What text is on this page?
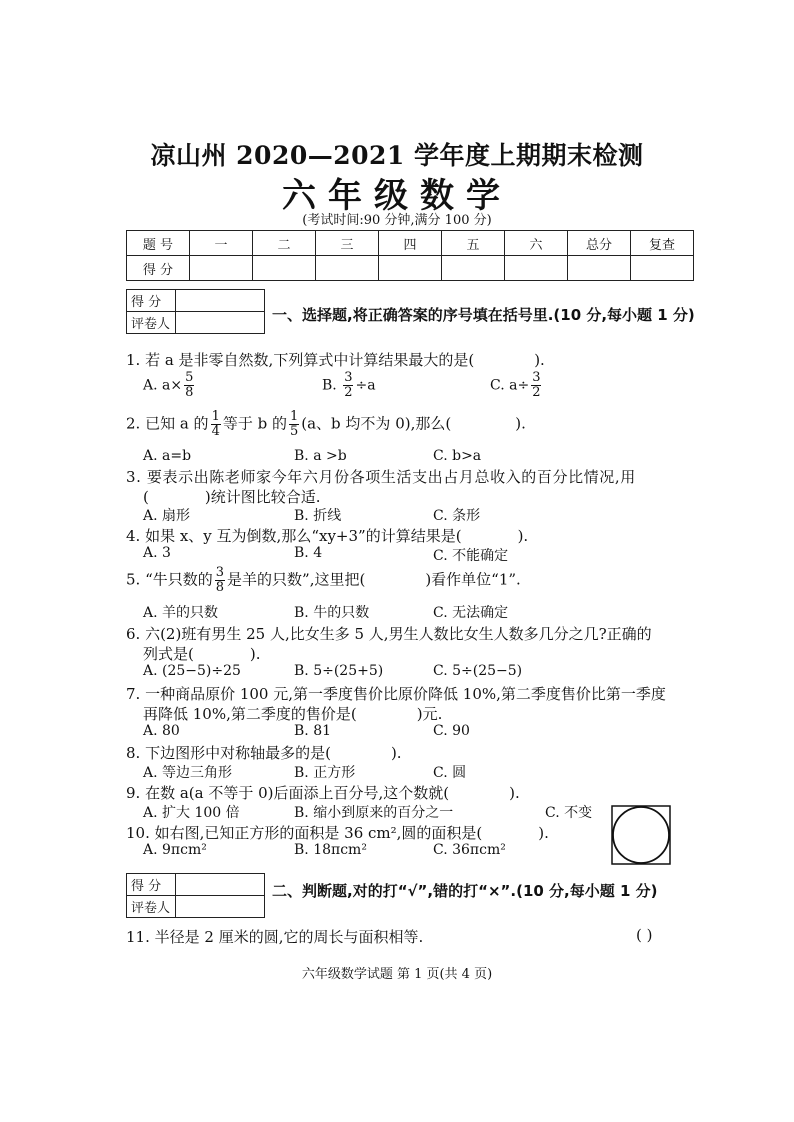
凉山州 2020—2021 学年度上期期末检测
六年级数学
(考试时间:90 分钟,满分 100 分)
题 号	一	二	三	四	五	六	总分	复查
得 分								
得 分	
评卷人	
一、选择题,将正确答案的序号填在括号里.(10 分,每小题 1 分)
1. 若 a 是非零自然数,下列算式中计算结果最大的是(	).
A. $a\times \frac{5}{8}$	B. $\frac{3}{2} \div a$	C. $a\div \frac{3}{2}$
2. 已知 a 的 $\frac{1}{4}$ 等于 b 的 $\frac{1}{5} (a$、b 均不为 0),那么(	).
A. a=b	B. a >b	C. b>a
3. 要表示出陈老师家今年六月份各项生活支出占月总收入的百分比情况,用
(	)统计图比较合适.
A. 扇形	B. 折线	C. 条形
4. 如果 x、y 互为倒数,那么“xy+3”的计算结果是(	).
A. 3	B. 4	C. 不能确定
5. “牛只数的 $\frac{3}{8}$ 是羊的只数”,这里把(	)看作单位“1”.
A. 羊的只数	B. 牛的只数	C. 无法确定
6. 六(2)班有男生 25 人,比女生多 5 人,男生人数比女生人数多几分之几?正确的
列式是(	).
A. (25−5)÷25	B. 5÷(25+5)	C. 5÷(25−5)
7. 一种商品原价 100 元,第一季度售价比原价降低 10%,第二季度售价比第一季度
再降低 10%,第二季度的售价是(	)元.
A. 80	B. 81	C. 90
8. 下边图形中对称轴最多的是(	).
A. 等边三角形	B. 正方形	C. 圆
9. 在数 a(a 不等于 0)后面添上百分号,这个数就(	).
A. 扩大 100 倍	B. 缩小到原来的百分之一	C. 不变
10. 如右图,已知正方形的面积是 36 cm²,圆的面积是(	).
A. 9πcm²	B. 18πcm²	C. 36πcm²
得 分	
评卷人	
二、判断题,对的打“√”,错的打“×”.(10 分,每小题 1 分)
11. 半径是 2 厘米的圆,它的周长与面积相等.	( )
六年级数学试题 第 1 页(共 4 页)
